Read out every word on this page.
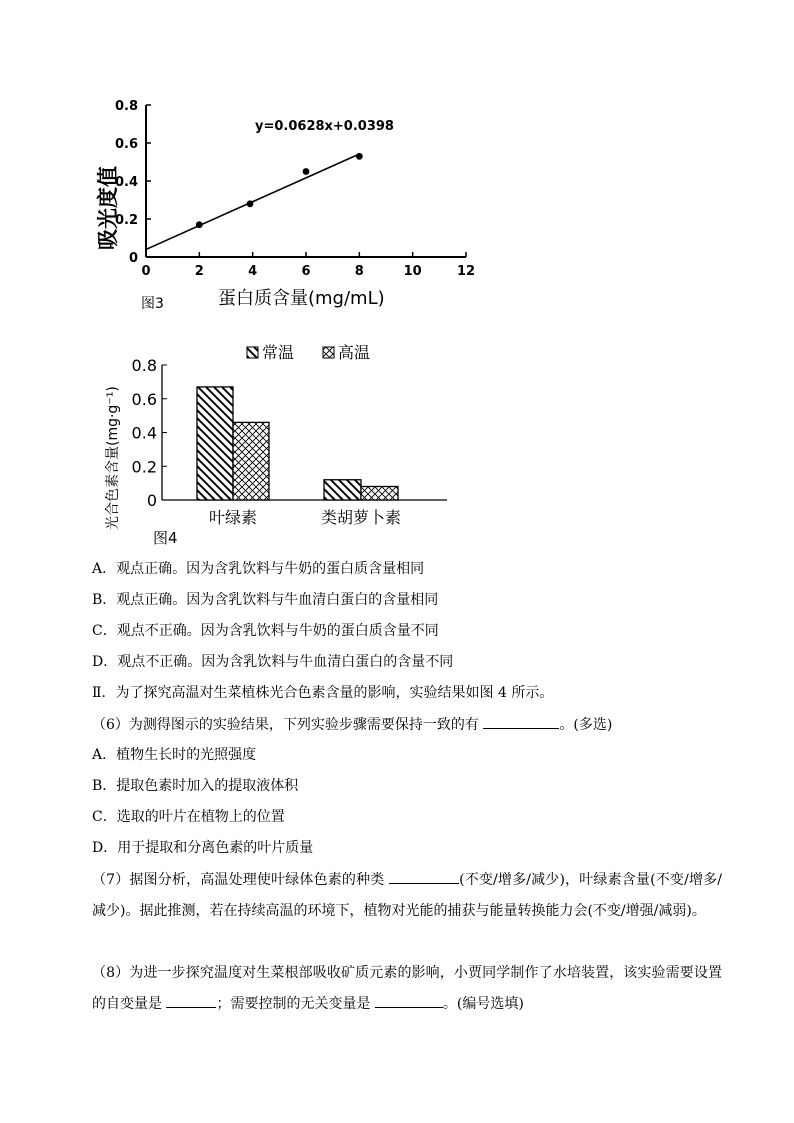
0	2	4	6	8	10	12
0
0.2
0.4
0.6
0.8
y=0.0628x+0.0398
吸光度值
蛋白质含量(mg/mL)
图3
0
0.2
0.4
0.6
0.8
叶绿素	类胡萝卜素
常温	高温
光合色素含量(mg·g⁻¹)
图4
A．观点正确。因为含乳饮料与牛奶的蛋白质含量相同
B．观点正确。因为含乳饮料与牛血清白蛋白的含量相同
C．观点不正确。因为含乳饮料与牛奶的蛋白质含量不同
D．观点不正确。因为含乳饮料与牛血清白蛋白的含量不同
Ⅱ．为了探究高温对生菜植株光合色素含量的影响，实验结果如图 4 所示。
（6）为测得图示的实验结果，下列实验步骤需要保持一致的有	。(多选)
A．植物生长时的光照强度
B．提取色素时加入的提取液体积
C．选取的叶片在植物上的位置
D．用于提取和分离色素的叶片质量
（7）据图分析，高温处理使叶绿体色素的种类	(不变/增多/减少)，叶绿素含量(不变/增多/减少)。据此推测，若在持续高温的环境下，植物对光能的捕获与能量转换能力会(不变/增强/减弱)。
（8）为进一步探究温度对生菜根部吸收矿质元素的影响，小贾同学制作了水培装置，该实验需要设置的自变量是	；需要控制的无关变量是	。(编号选填)
